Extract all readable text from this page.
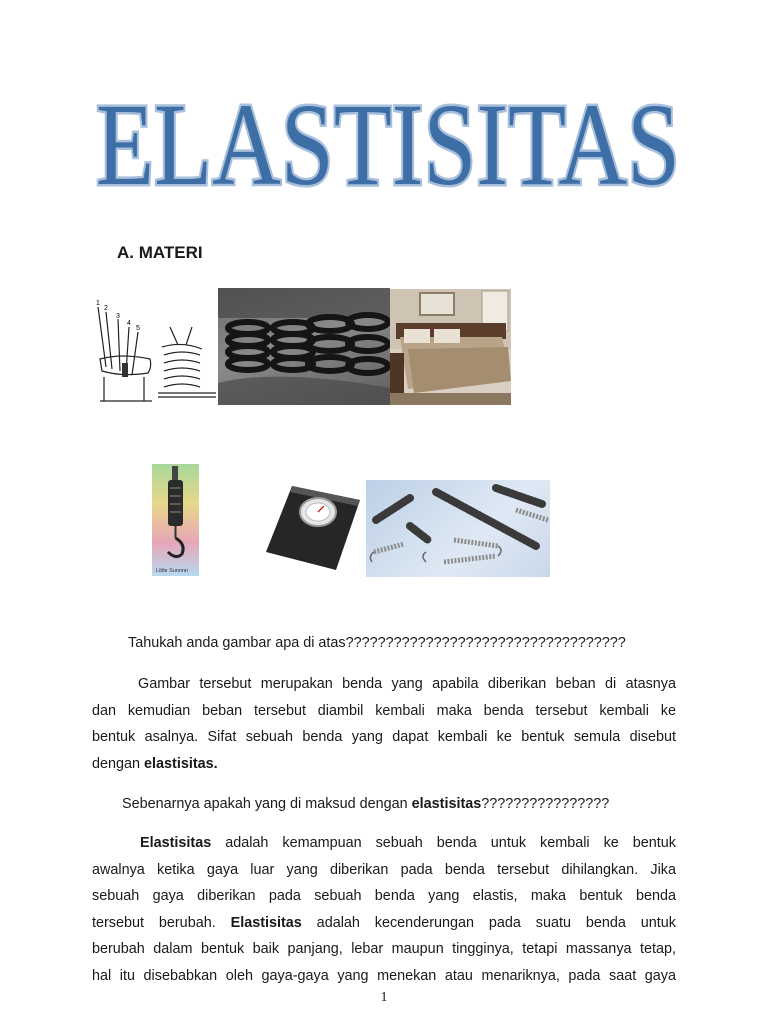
ELASTISITAS
ELASTISITAS
A. MATERI
1
2
3
4
5
Little Sunnnn

Tahukah anda gambar apa di atas???????????????????????????????????

Gambar tersebut merupakan benda yang apabila diberikan beban di atasnya
dan kemudian beban tersebut diambil kembali maka benda tersebut kembali ke
bentuk asalnya. Sifat sebuah benda yang dapat kembali ke bentuk semula disebut
dengan elastisitas.
Sebenarnya apakah yang di maksud dengan elastisitas????????????????
Elastisitas adalah kemampuan sebuah benda untuk kembali ke bentuk
awalnya ketika gaya luar yang diberikan pada benda tersebut dihilangkan. Jika
sebuah gaya diberikan pada sebuah benda yang elastis, maka bentuk benda
tersebut berubah. Elastisitas adalah kecenderungan pada suatu benda untuk
berubah dalam bentuk baik panjang, lebar maupun tingginya, tetapi massanya tetap,
hal itu disebabkan oleh gaya-gaya yang menekan atau menariknya, pada saat gaya
1
